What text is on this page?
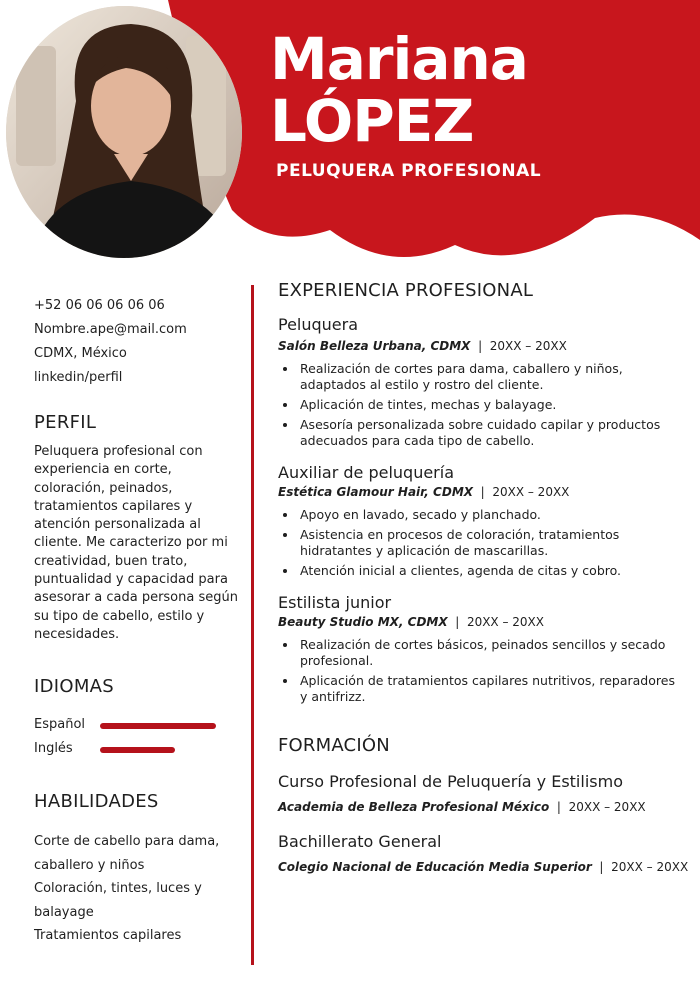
Mariana
LÓPEZ
PELUQUERA PROFESIONAL
+52 06 06 06 06 06
Nombre.ape@mail.com
CDMX, México
linkedin/perfil
PERFIL
Peluquera profesional con experiencia en corte, coloración, peinados, tratamientos capilares y atención personalizada al cliente. Me caracterizo por mi creatividad, buen trato, puntualidad y capacidad para asesorar a cada persona según su tipo de cabello, estilo y necesidades.
IDIOMAS
Español
Inglés
HABILIDADES
Corte de cabello para dama, caballero y niños
Coloración, tintes, luces y balayage
Tratamientos capilares
EXPERIENCIA PROFESIONAL
Peluquera
Salón Belleza Urbana, CDMX  |  20XX – 20XX
• Realización de cortes para dama, caballero y niños, adaptados al estilo y rostro del cliente.
• Aplicación de tintes, mechas y balayage.
• Asesoría personalizada sobre cuidado capilar y productos adecuados para cada tipo de cabello.
Auxiliar de peluquería
Estética Glamour Hair, CDMX  |  20XX – 20XX
• Apoyo en lavado, secado y planchado.
• Asistencia en procesos de coloración, tratamientos hidratantes y aplicación de mascarillas.
• Atención inicial a clientes, agenda de citas y cobro.
Estilista junior
Beauty Studio MX, CDMX  |  20XX – 20XX
• Realización de cortes básicos, peinados sencillos y secado profesional.
• Aplicación de tratamientos capilares nutritivos, reparadores y antifrizz.
FORMACIÓN
Curso Profesional de Peluquería y Estilismo
Academia de Belleza Profesional México  |  20XX – 20XX
Bachillerato General
Colegio Nacional de Educación Media Superior  |  20XX – 20XX
